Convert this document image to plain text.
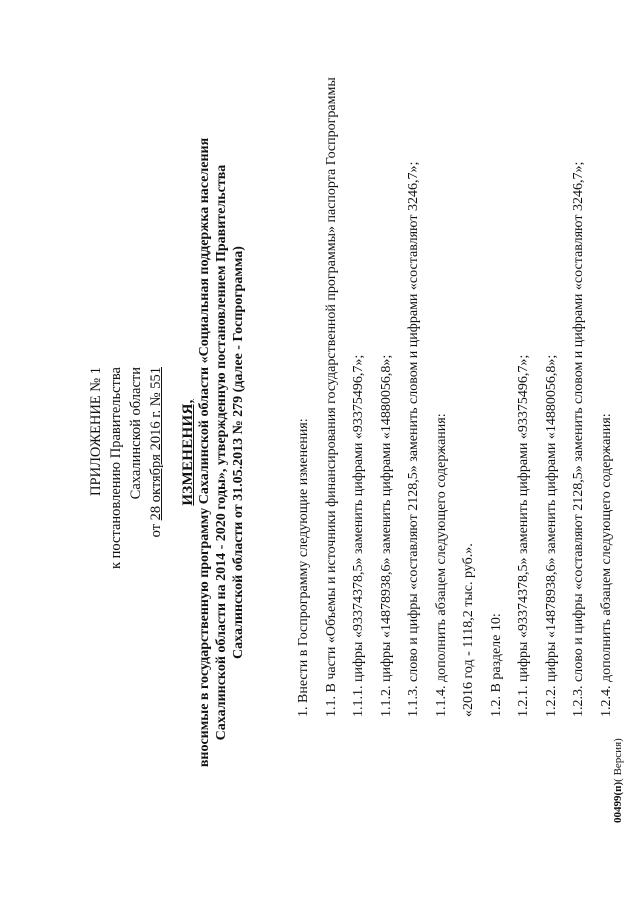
ПРИЛОЖЕНИЕ № 1 к постановлению Правительства Сахалинской области
от 28 октября 2016 г. № 551 ИЗМЕНЕНИЯ, вносимые в государственную программу Сахалинской области «Социальная поддержка населения Сахалинской области на 2014 - 2020 годы», утвержденную постановлением Правительства Сахалинской области от 31.05.2013 № 279 (далее - Госпрограмма)	1. Внести в Госпрограмму следующие изменения: 1.1. В части «Объемы и источники финансирования государственной программы» паспорта Госпрограммы 1.1.1. цифры «93374378,5» заменить цифрами «93375496,7»; 1.1.2. цифры «14878938,6» заменить цифрами «14880056,8»; 1.1.3. слово и цифры «составляют 2128,5» заменить словом и цифрами «составляют 3246,7»; 1.1.4. дополнить абзацем следующего содержания: «2016 год - 1118,2 тыс. руб.». 1.2. В разделе 10: 1.2.1. цифры «93374378,5» заменить цифрами «93375496,7»; 1.2.2. цифры «14878938,6» заменить цифрами «14880056,8»; 1.2.3. слово и цифры «составляют 2128,5» заменить словом и цифрами «составляют 3246,7»; 1.2.4. дополнить абзацем следующего содержания:
00499(п)( Версия)
